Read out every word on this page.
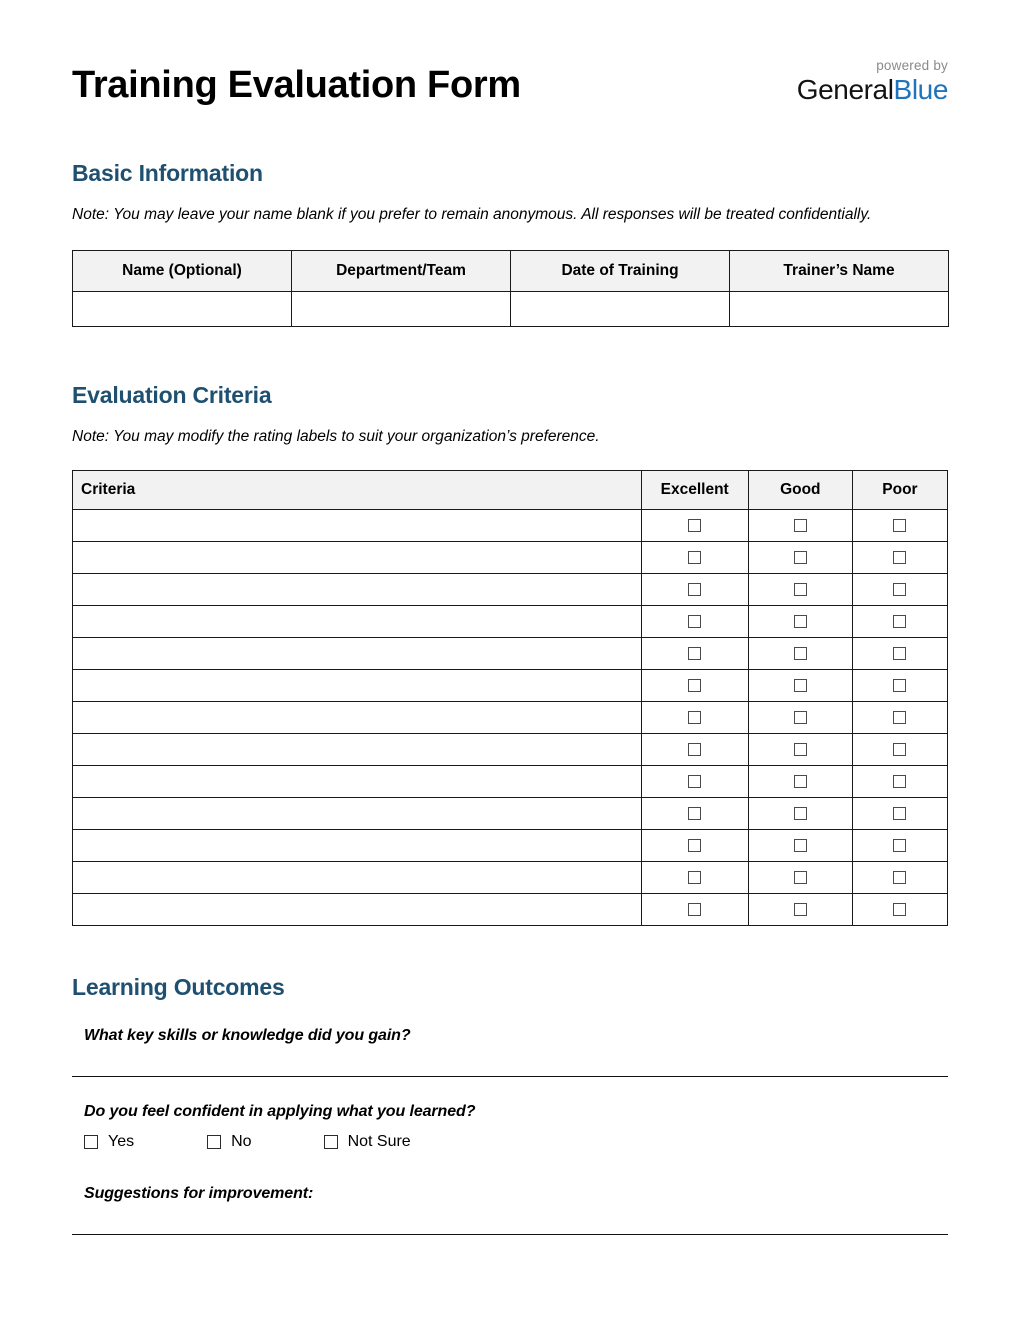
Training Evaluation Form	powered by
GeneralBlue
Basic Information

Note: You may leave your name blank if you prefer to remain anonymous. All responses will be treated confidentially.

Name (Optional)	Department/Team	Date of Training	Trainer’s Name

Evaluation Criteria

Note: You may modify the rating labels to suit your organization’s preference.

Criteria	Excellent	Good	Poor

Learning Outcomes

What key skills or knowledge did you gain?

Do you feel confident in applying what you learned?

Yes	No	Not Sure

Suggestions for improvement:
